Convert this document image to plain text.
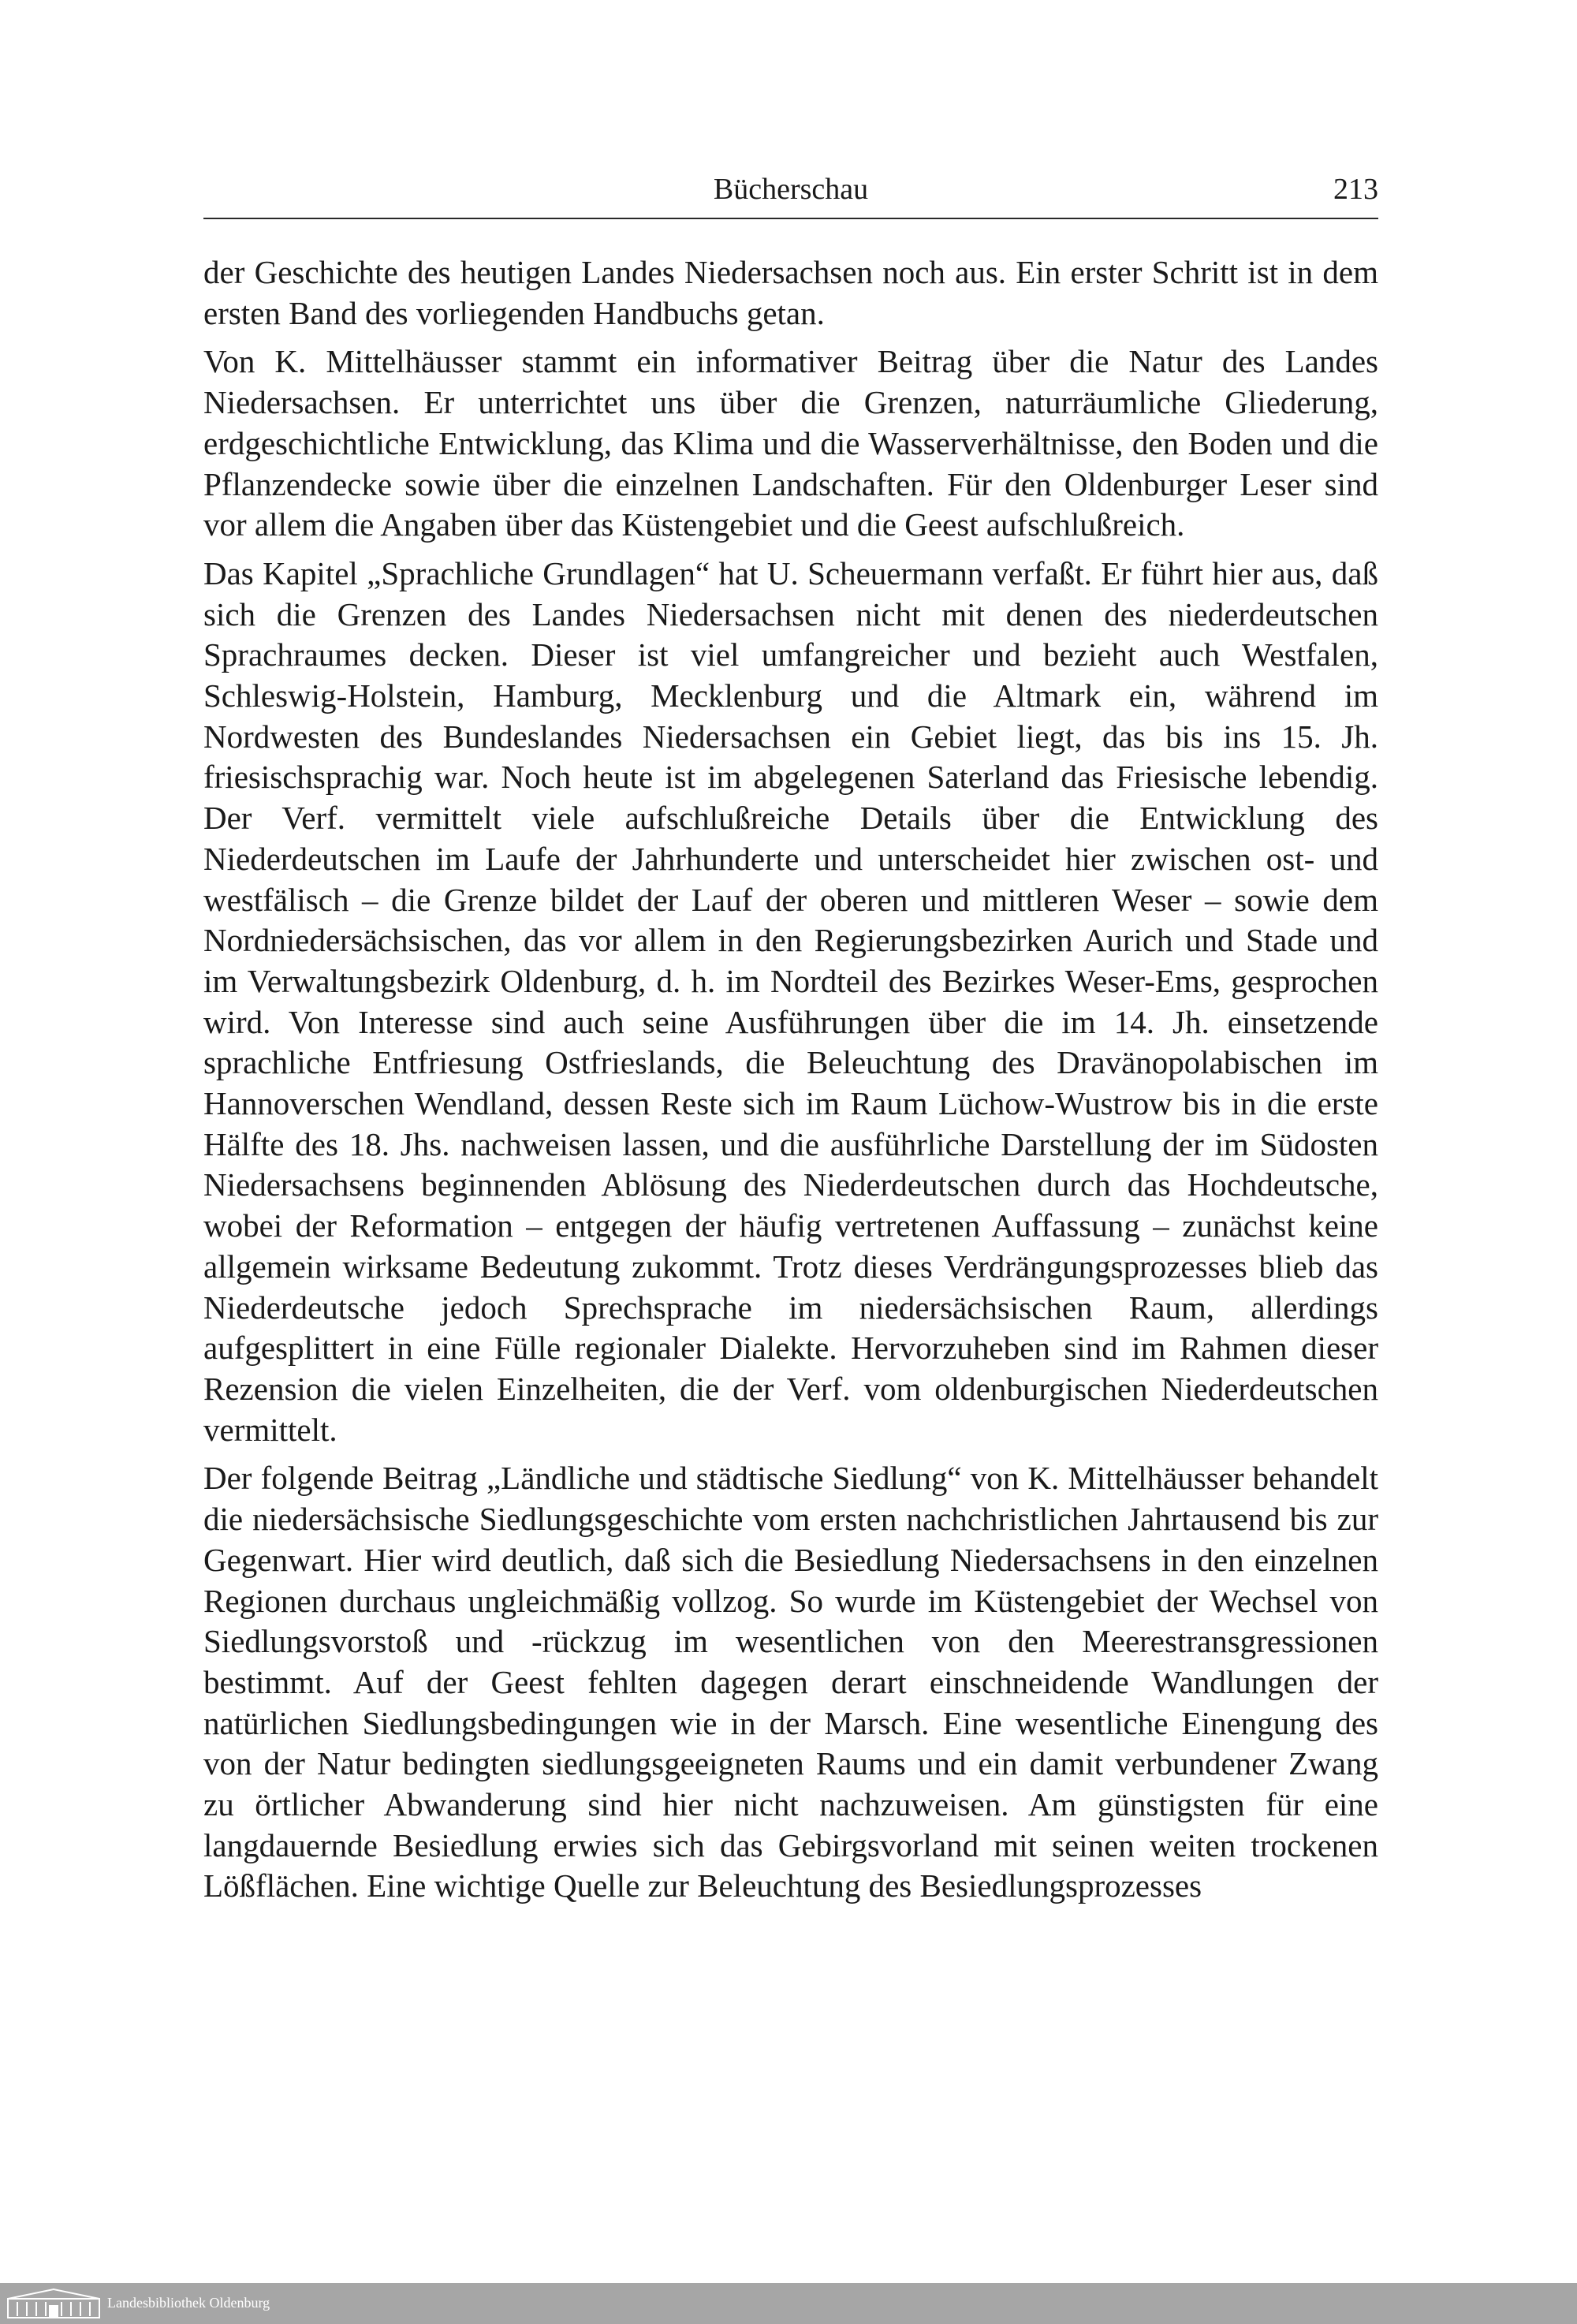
Bücherschau	213

der Geschichte des heutigen Landes Niedersachsen noch aus. Ein erster Schritt ist in dem ersten Band des vorliegenden Handbuchs getan.

Von K. Mittelhäusser stammt ein informativer Beitrag über die Natur des Landes Niedersachsen. Er unterrichtet uns über die Grenzen, naturräumliche Gliederung, erdgeschichtliche Entwicklung, das Klima und die Wasserverhältnisse, den Boden und die Pflanzendecke sowie über die einzelnen Landschaften. Für den Oldenburger Leser sind vor allem die Angaben über das Küstengebiet und die Geest aufschlußreich.

Das Kapitel „Sprachliche Grundlagen“ hat U. Scheuermann verfaßt. Er führt hier aus, daß sich die Grenzen des Landes Niedersachsen nicht mit denen des niederdeutschen Sprachraumes decken. Dieser ist viel umfangreicher und bezieht auch Westfalen, Schleswig-Holstein, Hamburg, Mecklenburg und die Altmark ein, während im Nordwesten des Bundeslandes Niedersachsen ein Gebiet liegt, das bis ins 15. Jh. friesischsprachig war. Noch heute ist im abgelegenen Saterland das Friesische lebendig. Der Verf. vermittelt viele aufschlußreiche Details über die Entwicklung des Niederdeutschen im Laufe der Jahrhunderte und unterscheidet hier zwischen ost- und westfälisch – die Grenze bildet der Lauf der oberen und mittleren Weser – sowie dem Nordniedersächsischen, das vor allem in den Regierungsbezirken Aurich und Stade und im Verwaltungsbezirk Oldenburg, d. h. im Nordteil des Bezirkes Weser-Ems, gesprochen wird. Von Interesse sind auch seine Ausführungen über die im 14. Jh. einsetzende sprachliche Entfriesung Ostfrieslands, die Beleuchtung des Dravänopolabischen im Hannoverschen Wendland, dessen Reste sich im Raum Lüchow-Wustrow bis in die erste Hälfte des 18. Jhs. nachweisen lassen, und die ausführliche Darstellung der im Südosten Niedersachsens beginnenden Ablösung des Niederdeutschen durch das Hochdeutsche, wobei der Reformation – entgegen der häufig vertretenen Auffassung – zunächst keine allgemein wirksame Bedeutung zukommt. Trotz dieses Verdrängungsprozesses blieb das Niederdeutsche jedoch Sprechsprache im niedersächsischen Raum, allerdings aufgesplittert in eine Fülle regionaler Dialekte. Hervorzuheben sind im Rahmen dieser Rezension die vielen Einzelheiten, die der Verf. vom oldenburgischen Niederdeutschen vermittelt.

Der folgende Beitrag „Ländliche und städtische Siedlung“ von K. Mittelhäusser behandelt die niedersächsische Siedlungsgeschichte vom ersten nachchristlichen Jahrtausend bis zur Gegenwart. Hier wird deutlich, daß sich die Besiedlung Niedersachsens in den einzelnen Regionen durchaus ungleichmäßig vollzog. So wurde im Küstengebiet der Wechsel von Siedlungsvorstoß und -rückzug im wesentlichen von den Meerestransgressionen bestimmt. Auf der Geest fehlten dagegen derart einschneidende Wandlungen der natürlichen Siedlungsbedingungen wie in der Marsch. Eine wesentliche Einengung des von der Natur bedingten siedlungsgeeigneten Raums und ein damit verbundener Zwang zu örtlicher Abwanderung sind hier nicht nachzuweisen. Am günstigsten für eine langdauernde Besiedlung erwies sich das Gebirgsvorland mit seinen weiten trockenen Lößflächen. Eine wichtige Quelle zur Beleuchtung des Besiedlungsprozesses

Landesbibliothek Oldenburg
